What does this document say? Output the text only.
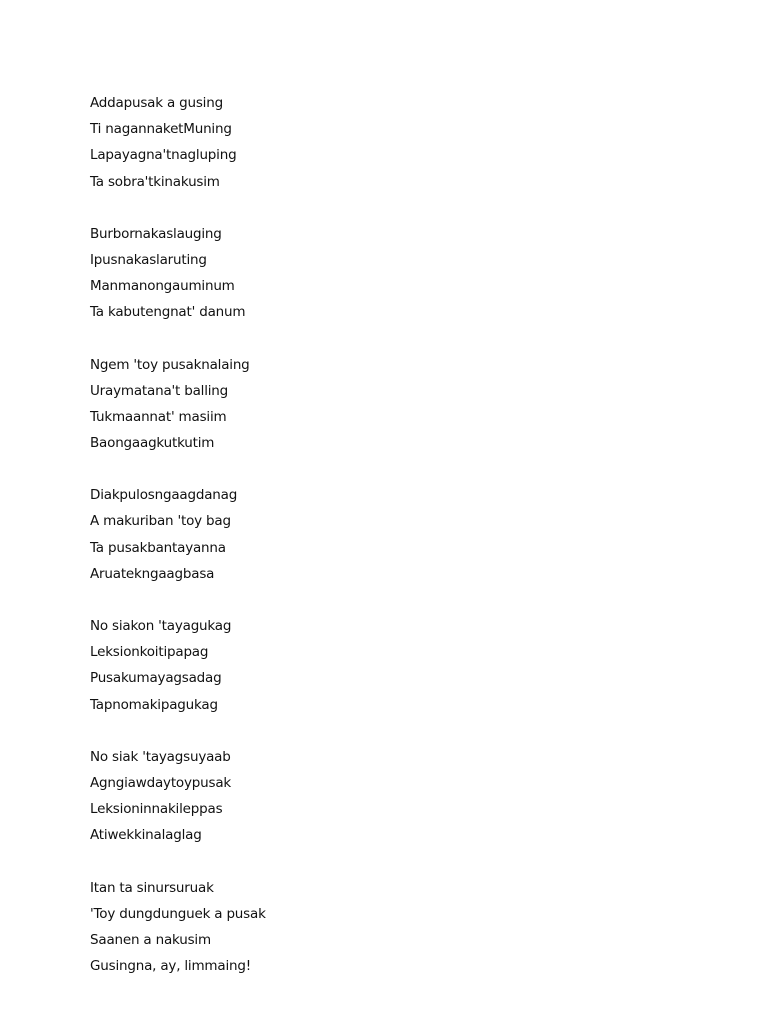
Addapusak a gusing
Ti nagannaketMuning
Lapayagna'tnagluping
Ta sobra'tkinakusim
Burbornakaslauging
Ipusnakaslaruting
Manmanongauminum
Ta kabutengnat' danum
Ngem 'toy pusaknalaing
Uraymatana't balling
Tukmaannat' masiim
Baongaagkutkutim
Diakpulosngaagdanag
A makuriban 'toy bag
Ta pusakbantayanna
Aruatekngaagbasa
No siakon 'tayagukag
Leksionkoitipapag
Pusakumayagsadag
Tapnomakipagukag
No siak 'tayagsuyaab
Agngiawdaytoypusak
Leksioninnakileppas
Atiwekkinalaglag
Itan ta sinursuruak
'Toy dungdunguek a pusak
Saanen a nakusim
Gusingna, ay, limmaing!
